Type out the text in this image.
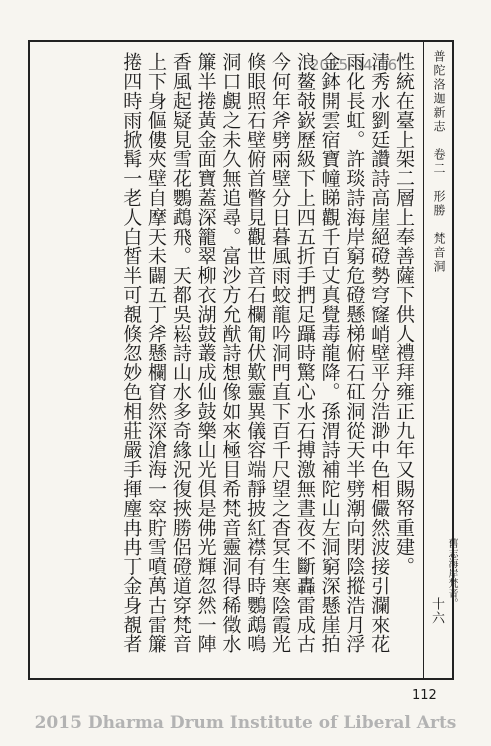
普陀洛迦新志　卷二　形勝　梵音洞
十六
2015-04-16
性統在臺上架二層上奉善薩下供人禮拜雍正九年又賜帑重建。
清秀水劉廷讚詩高崖絕磴勢穹窿峭壁平分浩渺中色相儼然波接引瀾來花
雨化長虹。許琰詩海岸窮危磴懸梯俯石矼洞從天半劈潮向閉陰摐浩月浮
金鉢開雲宿寶幢睇觀千百丈真覺毒龍降。孫渭詩補陀山左洞窮深懸崖拍
浪鳌攲嶔歷級下上四五折手捫足躡時驚心水石搏激無晝夜不斷轟雷成古
今何年斧劈兩壁分日暮風雨蛟龍吟洞門直下百千尺望之杳冥生寒陰霞光
倏眼照石壁俯首瞥見觀世音石欄匍伏歎靈異儀容端靜披紅襟有時鸚鵡鳴
洞口覻之未久無追尋。富沙方允猷詩想像如來極目希梵音靈洞得稀徵水
簾半捲黃金面寶蓋深籠翠柳衣湖鼓叢成仙鼓樂山光俱是佛光輝忽然一陣
香風起疑見雪花鸚鵡飛。天都吳崧詩山水多奇緣況復挾勝侶磴道穿梵音
上下身傴僂夾壁自摩天未闢五丁斧懸欄窅然深滄海一窣貯雪噴萬古雷簾
捲四時雨掀髯一老人白皙半可覩倏忽妙色相莊嚴手揮麈冉冉丁金身覩者	舊志海岸梵音。
112
2015 Dharma Drum Institute of Liberal Arts
